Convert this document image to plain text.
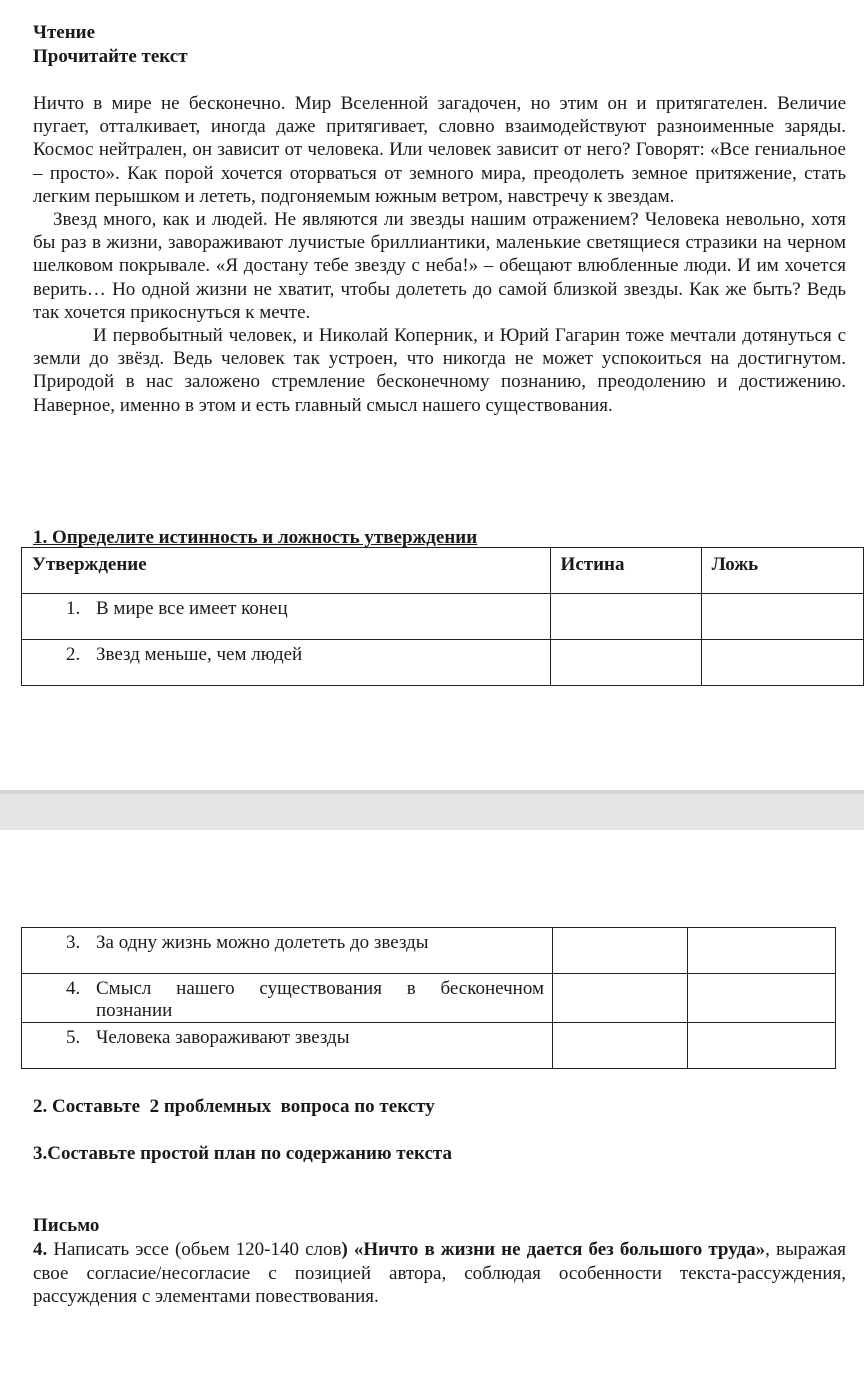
Чтение
Прочитайте текст

Ничто в мире не бесконечно. Мир Вселенной загадочен, но этим он и притягателен. Величие пугает, отталкивает, иногда даже притягивает, словно взаимодействуют разноименные заряды. Космос нейтрален, он зависит от человека. Или человек зависит от него? Говорят: «Все гениальное – просто». Как порой хочется оторваться от земного мира, преодолеть земное притяжение, стать легким перышком и лететь, подгоняемым южным ветром, навстречу к звездам.

Звезд много, как и людей. Не являются ли звезды нашим отражением? Человека невольно, хотя бы раз в жизни, завораживают лучистые бриллиантики, маленькие светящиеся стразики на черном шелковом покрывале. «Я достану тебе звезду с неба!» – обещают влюбленные люди. И им хочется верить… Но одной жизни не хватит, чтобы долететь до самой близкой звезды. Как же быть? Ведь так хочется прикоснуться к мечте.

И первобытный человек, и Николай Коперник, и Юрий Гагарин тоже мечтали дотянуться с земли до звёзд. Ведь человек так устроен, что никогда не может успокоиться на достигнутом. Природой в нас заложено стремление бесконечному познанию, преодолению и достижению. Наверное, именно в этом и есть главный смысл нашего существования.

1. Определите истинность и ложность утверждении
Утверждение	Истина	Ложь

1. В мире все имеет конец		

2. Звезд меньше, чем людей		

3. За одну жизнь можно долететь до звезды		

4. Смысл нашего существования в бесконечном познании		

5. Человека завораживают звезды		

2. Составьте  2 проблемных  вопроса по тексту
3.Составьте простой план по содержанию текста
Письмо
4. Написать эссе (обьем 120-140 слов) «Ничто в жизни не дается без большого труда», выражая свое согласие/несогласие с позицией автора, соблюдая особенности текста-рассуждения, рассуждения с элементами повествования.
